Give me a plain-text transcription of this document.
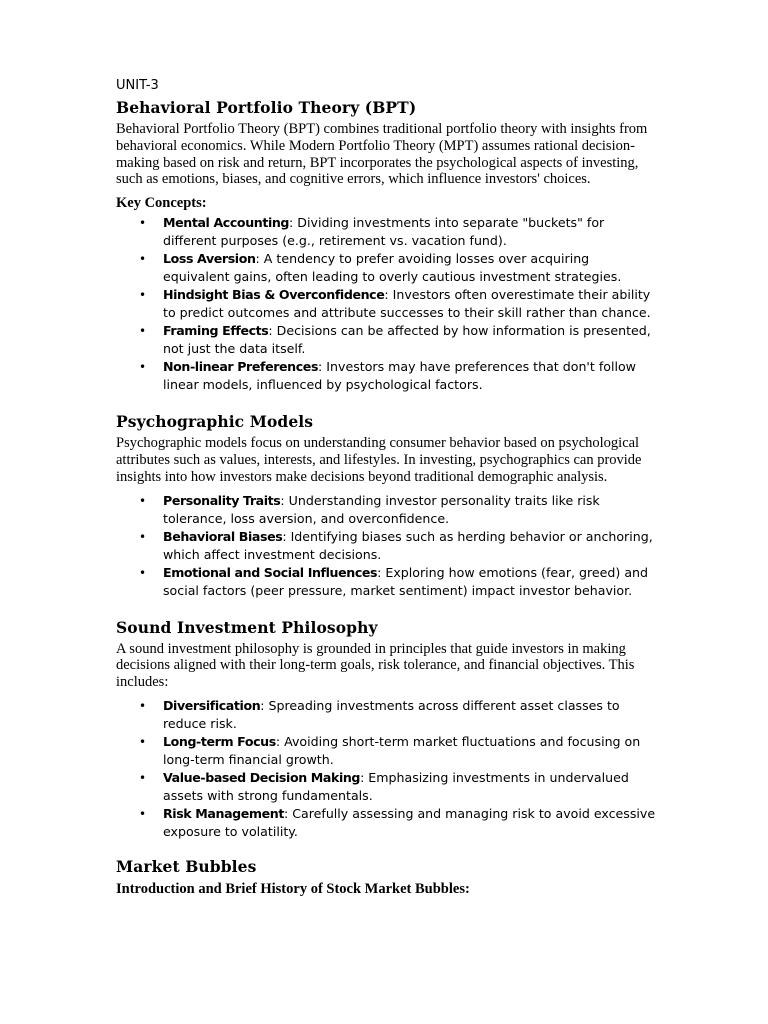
UNIT-3
Behavioral Portfolio Theory (BPT)

Behavioral Portfolio Theory (BPT) combines traditional portfolio theory with insights from behavioral economics. While Modern Portfolio Theory (MPT) assumes rational decision-making based on risk and return, BPT incorporates the psychological aspects of investing, such as emotions, biases, and cognitive errors, which influence investors' choices.

Key Concepts:
• Mental Accounting: Dividing investments into separate "buckets" for different purposes (e.g., retirement vs. vacation fund).
• Loss Aversion: A tendency to prefer avoiding losses over acquiring equivalent gains, often leading to overly cautious investment strategies.
• Hindsight Bias & Overconfidence: Investors often overestimate their ability to predict outcomes and attribute successes to their skill rather than chance.
• Framing Effects: Decisions can be affected by how information is presented, not just the data itself.
• Non-linear Preferences: Investors may have preferences that don't follow linear models, influenced by psychological factors.
Psychographic Models

Psychographic models focus on understanding consumer behavior based on psychological attributes such as values, interests, and lifestyles. In investing, psychographics can provide insights into how investors make decisions beyond traditional demographic analysis.

• Personality Traits: Understanding investor personality traits like risk tolerance, loss aversion, and overconfidence.
• Behavioral Biases: Identifying biases such as herding behavior or anchoring, which affect investment decisions.
• Emotional and Social Influences: Exploring how emotions (fear, greed) and social factors (peer pressure, market sentiment) impact investor behavior.
Sound Investment Philosophy

A sound investment philosophy is grounded in principles that guide investors in making decisions aligned with their long-term goals, risk tolerance, and financial objectives. This includes:

• Diversification: Spreading investments across different asset classes to reduce risk.
• Long-term Focus: Avoiding short-term market fluctuations and focusing on long-term financial growth.
• Value-based Decision Making: Emphasizing investments in undervalued assets with strong fundamentals.
• Risk Management: Carefully assessing and managing risk to avoid excessive exposure to volatility.
Market Bubbles
Introduction and Brief History of Stock Market Bubbles:
